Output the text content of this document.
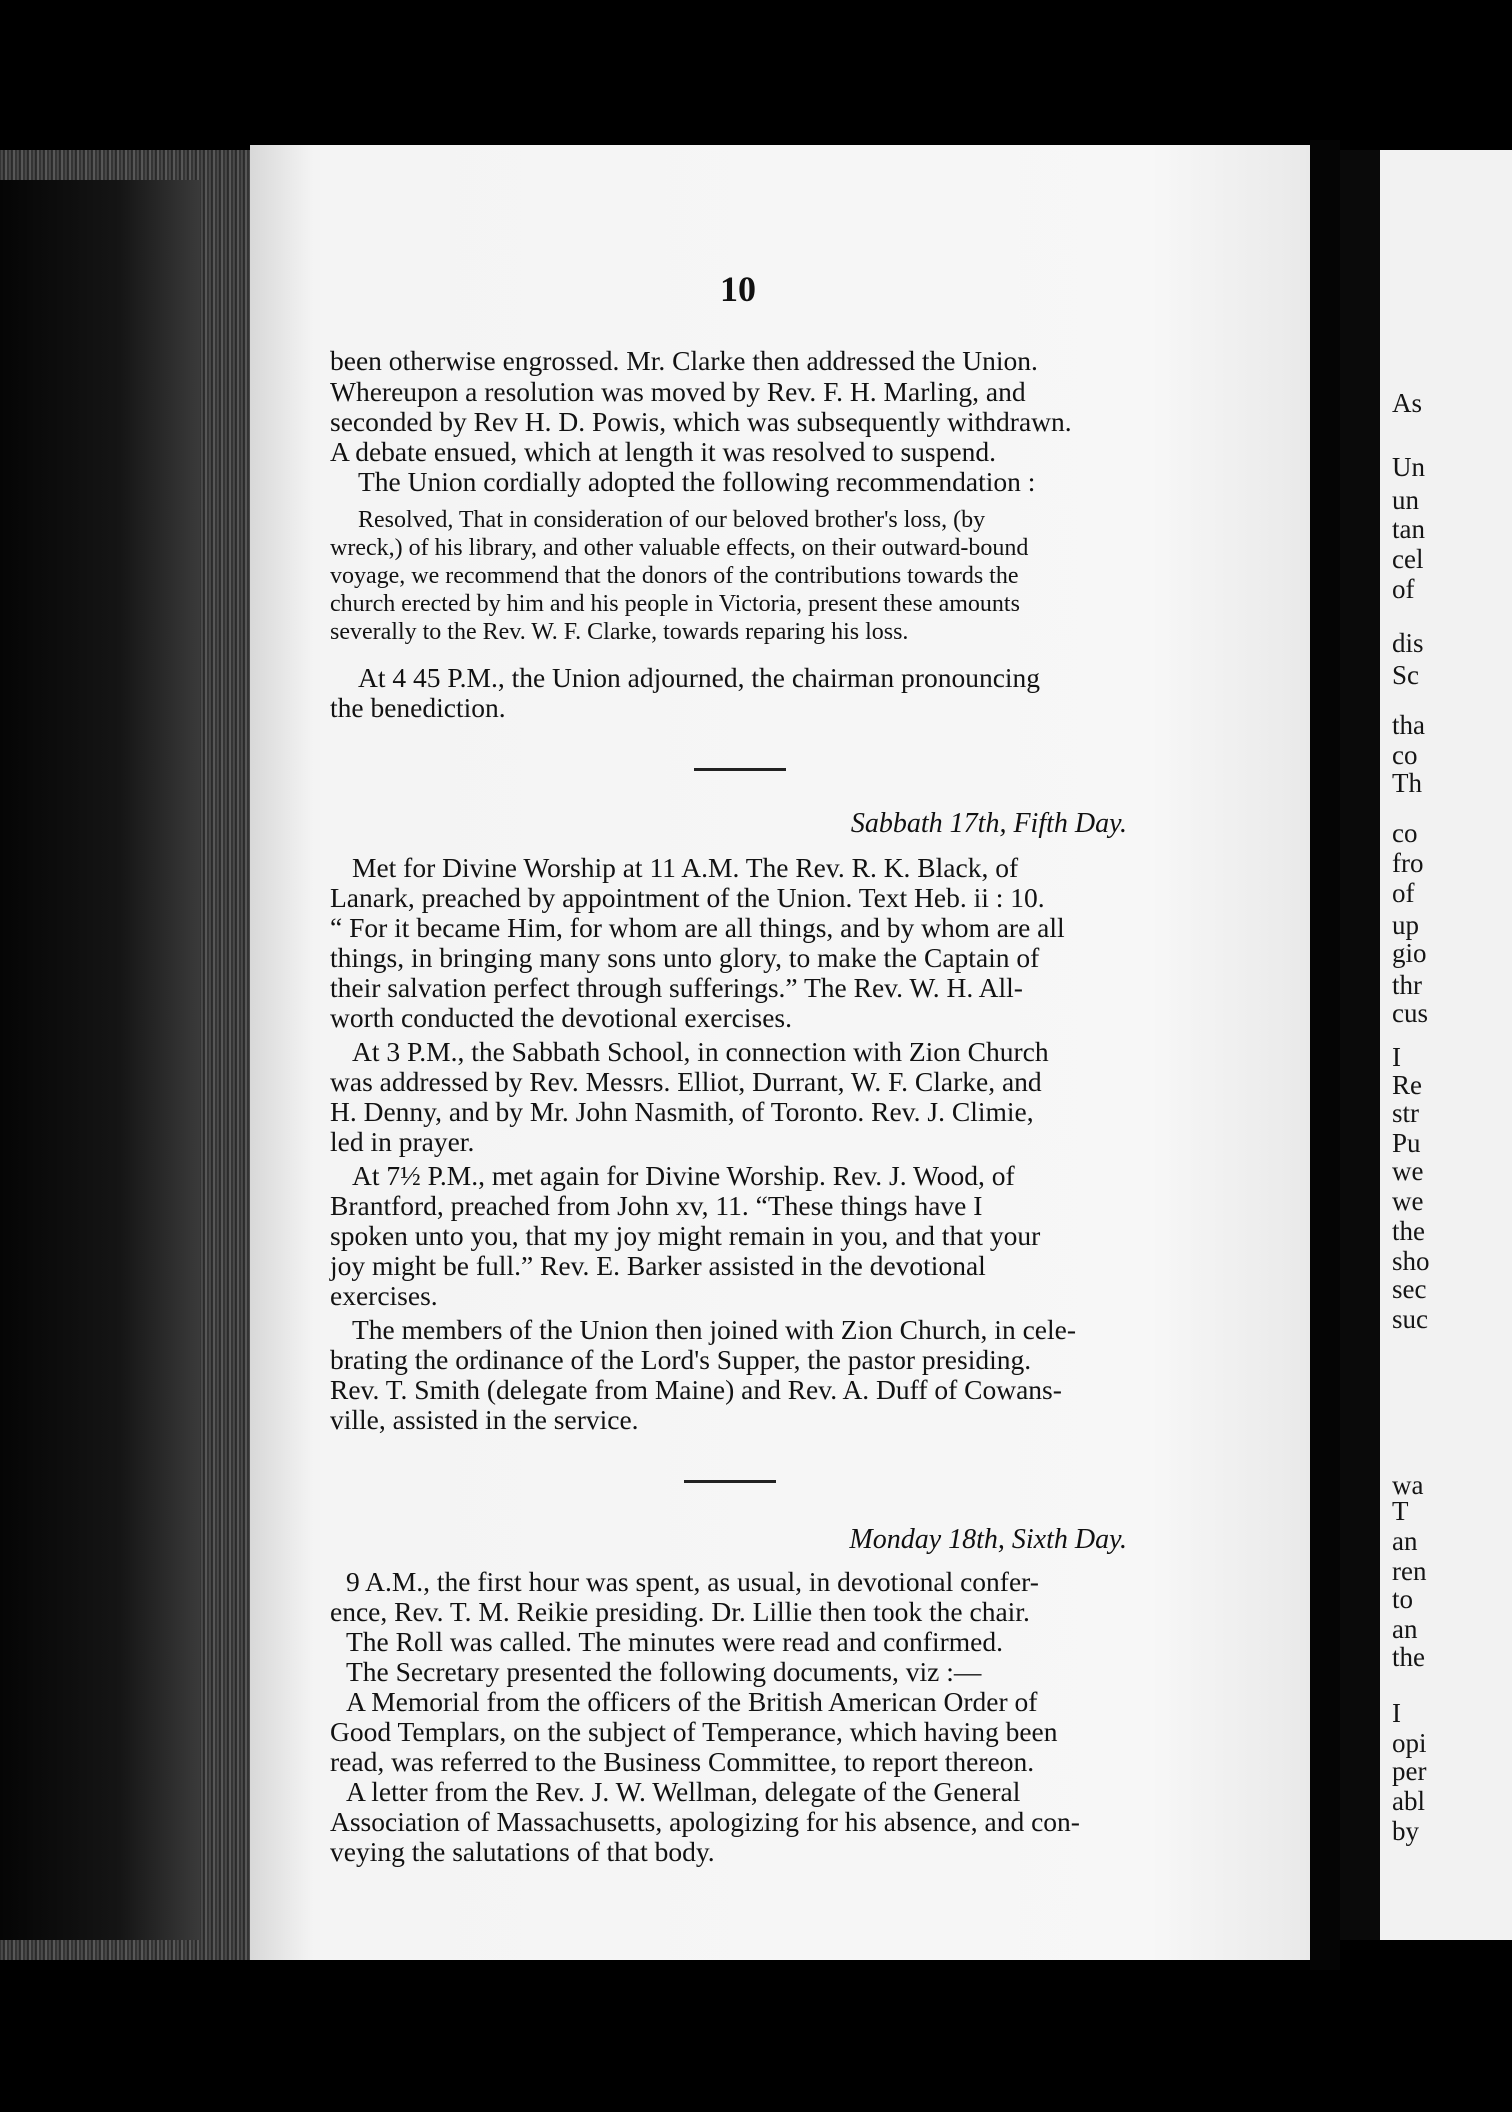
As
Un
un
tan
cel
of
dis
Sc
tha
co
Th
co
fro
of
up
gio
thr
cus
I
Re
str
Pu
we
we
the
sho
sec
suc
wa
T
an
ren
to
an
the
I
opi
per
abl
by
10
been otherwise engrossed. Mr. Clarke then addressed the Union.
Whereupon a resolution was moved by Rev. F. H. Marling, and
seconded by Rev H. D. Powis, which was subsequently withdrawn.
A debate ensued, which at length it was resolved to suspend.
The Union cordially adopted the following recommendation :
Resolved, That in consideration of our beloved brother's loss, (by
wreck,) of his library, and other valuable effects, on their outward-bound
voyage, we recommend that the donors of the contributions towards the
church erected by him and his people in Victoria, present these amounts
severally to the Rev. W. F. Clarke, towards reparing his loss.
At 4 45 P.M., the Union adjourned, the chairman pronouncing
the benediction.
Sabbath 17th, Fifth Day.
Met for Divine Worship at 11 A.M. The Rev. R. K. Black, of
Lanark, preached by appointment of the Union. Text Heb. ii : 10.
“ For it became Him, for whom are all things, and by whom are all
things, in bringing many sons unto glory, to make the Captain of
their salvation perfect through sufferings.” The Rev. W. H. All-
worth conducted the devotional exercises.
At 3 P.M., the Sabbath School, in connection with Zion Church
was addressed by Rev. Messrs. Elliot, Durrant, W. F. Clarke, and
H. Denny, and by Mr. John Nasmith, of Toronto. Rev. J. Climie,
led in prayer.
At 7½ P.M., met again for Divine Worship. Rev. J. Wood, of
Brantford, preached from John xv, 11. “These things have I
spoken unto you, that my joy might remain in you, and that your
joy might be full.” Rev. E. Barker assisted in the devotional
exercises.
The members of the Union then joined with Zion Church, in cele-
brating the ordinance of the Lord's Supper, the pastor presiding.
Rev. T. Smith (delegate from Maine) and Rev. A. Duff of Cowans-
ville, assisted in the service.
Monday 18th, Sixth Day.
9 A.M., the first hour was spent, as usual, in devotional confer-
ence, Rev. T. M. Reikie presiding. Dr. Lillie then took the chair.
The Roll was called. The minutes were read and confirmed.
The Secretary presented the following documents, viz :—
A Memorial from the officers of the British American Order of
Good Templars, on the subject of Temperance, which having been
read, was referred to the Business Committee, to report thereon.
A letter from the Rev. J. W. Wellman, delegate of the General
Association of Massachusetts, apologizing for his absence, and con-
veying the salutations of that body.
